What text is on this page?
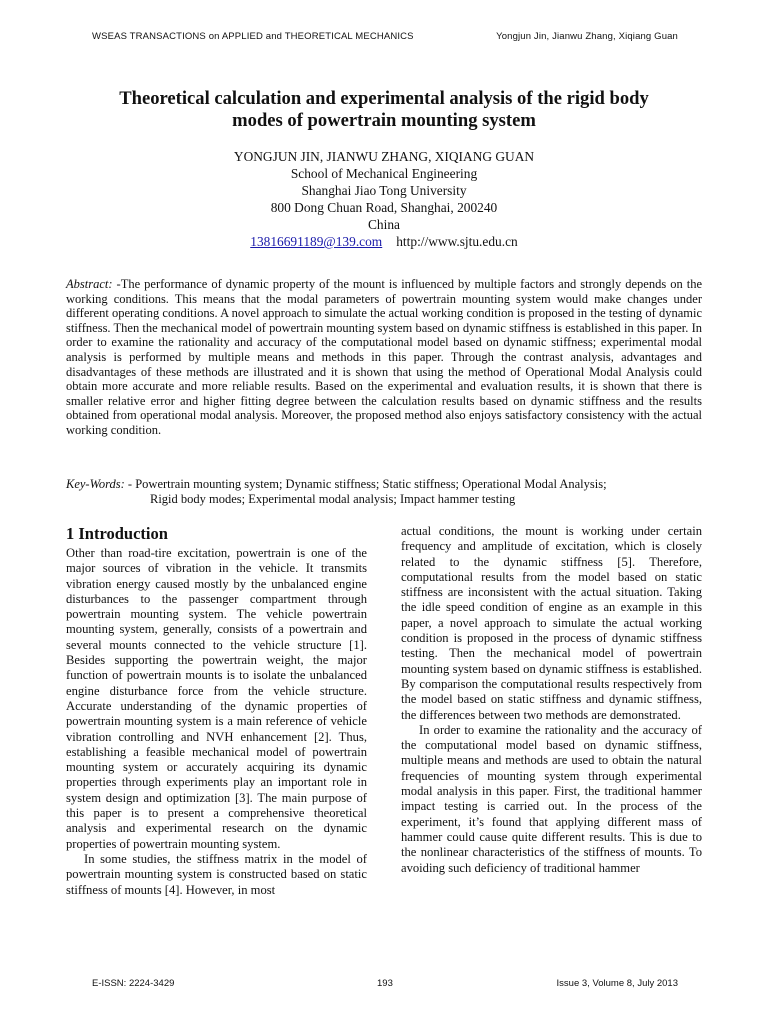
WSEAS TRANSACTIONS on APPLIED and THEORETICAL MECHANICS	Yongjun Jin, Jianwu Zhang, Xiqiang Guan
Theoretical calculation and experimental analysis of the rigid body
modes of powertrain mounting system
YONGJUN JIN, JIANWU ZHANG, XIQIANG GUAN
School of Mechanical Engineering
Shanghai Jiao Tong University
800 Dong Chuan Road, Shanghai, 200240
China
13816691189@139.com http://www.sjtu.edu.cn
Abstract: -The performance of dynamic property of the mount is influenced by multiple factors and strongly depends on the working conditions. This means that the modal parameters of powertrain mounting system would make changes under different operating conditions. A novel approach to simulate the actual working condition is proposed in the testing of dynamic stiffness. Then the mechanical model of powertrain mounting system based on dynamic stiffness is established in this paper. In order to examine the rationality and accuracy of the computational model based on dynamic stiffness; experimental modal analysis is performed by multiple means and methods in this paper. Through the contrast analysis, advantages and disadvantages of these methods are illustrated and it is shown that using the method of Operational Modal Analysis could obtain more accurate and more reliable results. Based on the experimental and evaluation results, it is shown that there is smaller relative error and higher fitting degree between the calculation results based on dynamic stiffness and the results obtained from operational modal analysis. Moreover, the proposed method also enjoys satisfactory consistency with the actual working condition.
Key-Words: - Powertrain mounting system; Dynamic stiffness; Static stiffness; Operational Modal Analysis;
Rigid body modes; Experimental modal analysis; Impact hammer testing
1 Introduction

Other than road-tire excitation, powertrain is one of the major sources of vibration in the vehicle. It transmits vibration energy caused mostly by the unbalanced engine disturbances to the passenger compartment through powertrain mounting system. The vehicle powertrain mounting system, generally, consists of a powertrain and several mounts connected to the vehicle structure [1]. Besides supporting the powertrain weight, the major function of powertrain mounts is to isolate the unbalanced engine disturbance force from the vehicle structure. Accurate understanding of the dynamic properties of powertrain mounting system is a main reference of vehicle vibration controlling and NVH enhancement [2]. Thus, establishing a feasible mechanical model of powertrain mounting system or accurately acquiring its dynamic properties through experiments play an important role in system design and optimization [3]. The main purpose of this paper is to present a comprehensive theoretical analysis and experimental research on the dynamic properties of powertrain mounting system.

In some studies, the stiffness matrix in the model of powertrain mounting system is constructed based on static stiffness of mounts [4]. However, in most

actual conditions, the mount is working under certain frequency and amplitude of excitation, which is closely related to the dynamic stiffness [5]. Therefore, computational results from the model based on static stiffness are inconsistent with the actual situation. Taking the idle speed condition of engine as an example in this paper, a novel approach to simulate the actual working condition is proposed in the process of dynamic stiffness testing. Then the mechanical model of powertrain mounting system based on dynamic stiffness is established. By comparison the computational results respectively from the model based on static stiffness and dynamic stiffness, the differences between two methods are demonstrated.

In order to examine the rationality and the accuracy of the computational model based on dynamic stiffness, multiple means and methods are used to obtain the natural frequencies of mounting system through experimental modal analysis in this paper. First, the traditional hammer impact testing is carried out. In the process of the experiment, it’s found that applying different mass of hammer could cause quite different results. This is due to the nonlinear characteristics of the stiffness of mounts. To avoiding such deficiency of traditional hammer

E-ISSN: 2224-3429	193	Issue 3, Volume 8, July 2013
